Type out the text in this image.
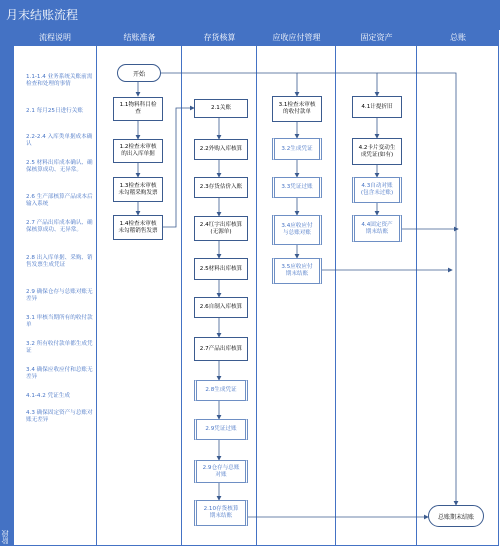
月末结账流程
阶段
流程说明	结账准备	存货核算	应收应付管理	固定资产	总账
1.1-1.4 业务系统关账前需检查和处理的事情
2.1 每月25日进行关账
2.2-2.4 入库类单据成本确认
2.5 材料出库成本确认、确保核算成功、无异常。
2.6 生产部核算产品成本后输入系统
2.7 产品出库成本确认、确保核算成功、无异常。
2.8 出入库单据、采购、销售发票生成凭证
2.9 确保仓存与总账对账无差异
3.1 审核当期所有的收付款单
3.2 所有收付款单都生成凭证
3.4 确保应收应付和总账无差异
4.1-4.2 凭证生成
4.3 确保固定资产与总账对账无差异
开始
1.1物料科目检查
1.2检查未审核的出入库单据
1.3检查未审核未勾稽采购发票
1.4检查未审核未勾稽销售发票
2.1关账
2.2外购入库核算
2.3存货估价入账
2.4红字出库核算(无源单)
2.5材料出库核算
2.6自制入库核算
2.7产品出库核算
2.8生成凭证
2.9凭证过账
2.9仓存与总账对账
2.10存货核算期末结账
3.1检查未审核的收付款单
3.2生成凭证
3.3凭证过账
3.4应收应付与总账对账
3.5应收应付期末结账
4.1计提折旧
4.2卡片变动生成凭证(如有)
4.3自动对账(包含未过账)
4.4固定资产期末结账
总账期末结账
